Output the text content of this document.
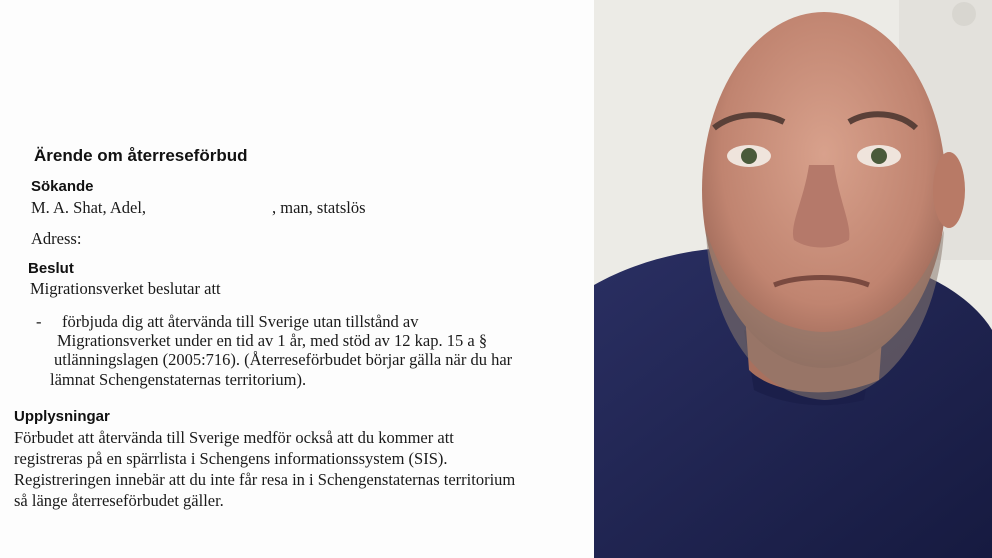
Ärende om återreseförbud
Sökande
M. A. Shat, Adel,	, man, statslös
Adress:
Beslut
Migrationsverket beslutar att
- förbjuda dig att återvända till Sverige utan tillstånd av
Migrationsverket under en tid av 1 år, med stöd av 12 kap. 15 a §
utlänningslagen (2005:716). (Återreseförbudet börjar gälla när du har
lämnat Schengenstaternas territorium).
Upplysningar
Förbudet att återvända till Sverige medför också att du kommer att
registreras på en spärrlista i Schengens informationssystem (SIS).
Registreringen innebär att du inte får resa in i Schengenstaternas territorium
så länge återreseförbudet gäller.
